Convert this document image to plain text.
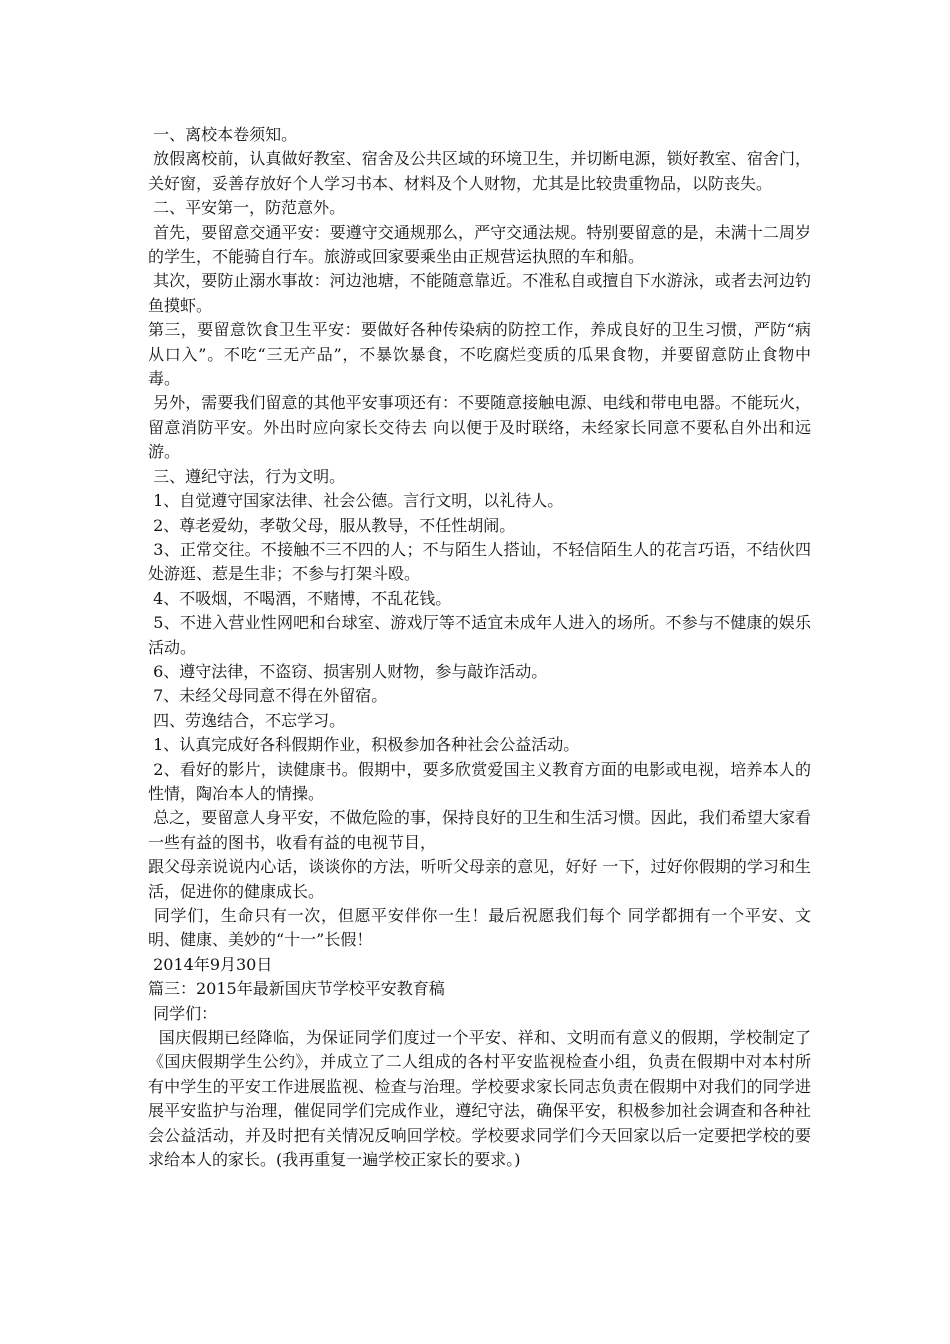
一、离校本卷须知。

放假离校前，认真做好教室、宿舍及公共区域的环境卫生，并切断电源，锁好教室、宿舍门，关好窗，妥善存放好个人学习书本、材料及个人财物，尤其是比较贵重物品，以防丧失。

二、平安第一，防范意外。

首先，要留意交通平安：要遵守交通规那么，严守交通法规。特别要留意的是，未满十二周岁的学生，不能骑自行车。旅游或回家要乘坐由正规营运执照的车和船。

其次，要防止溺水事故：河边池塘，不能随意靠近。不准私自或擅自下水游泳，或者去河边钓鱼摸虾。

第三，要留意饮食卫生平安：要做好各种传染病的防控工作，养成良好的卫生习惯，严防“病从口入”。不吃“三无产品”，不暴饮暴食，不吃腐烂变质的瓜果食物，并要留意防止食物中毒。

另外，需要我们留意的其他平安事项还有：不要随意接触电源、电线和带电电器。不能玩火，留意消防平安。外出时应向家长交待去 向以便于及时联络，未经家长同意不要私自外出和远游。

三、遵纪守法，行为文明。

1、自觉遵守国家法律、社会公德。言行文明，以礼待人。

2、尊老爱幼，孝敬父母，服从教导，不任性胡闹。

3、正常交往。不接触不三不四的人；不与陌生人搭讪，不轻信陌生人的花言巧语，不结伙四处游逛、惹是生非；不参与打架斗殴。

4、不吸烟，不喝酒，不赌博，不乱花钱。

5、不进入营业性网吧和台球室、游戏厅等不适宜未成年人进入的场所。不参与不健康的娱乐活动。

6、遵守法律，不盗窃、损害别人财物，参与敲诈活动。

7、未经父母同意不得在外留宿。

四、劳逸结合，不忘学习。

1、认真完成好各科假期作业，积极参加各种社会公益活动。

2、看好的影片，读健康书。假期中，要多欣赏爱国主义教育方面的电影或电视，培养本人的性情，陶冶本人的情操。

总之，要留意人身平安，不做危险的事，保持良好的卫生和生活习惯。因此，我们希望大家看一些有益的图书，收看有益的电视节目，

跟父母亲说说内心话，谈谈你的方法，听听父母亲的意见，好好 一下，过好你假期的学习和生活，促进你的健康成长。

同学们，生命只有一次，但愿平安伴你一生！最后祝愿我们每个 同学都拥有一个平安、文明、健康、美妙的“十一”长假！

2014年9月30日

篇三：2015年最新国庆节学校平安教育稿

同学们：

国庆假期已经降临，为保证同学们度过一个平安、祥和、文明而有意义的假期，学校制定了《国庆假期学生公约》，并成立了二人组成的各村平安监视检查小组，负责在假期中对本村所有中学生的平安工作进展监视、检查与治理。学校要求家长同志负责在假期中对我们的同学进展平安监护与治理，催促同学们完成作业，遵纪守法，确保平安，积极参加社会调查和各种社会公益活动，并及时把有关情况反响回学校。学校要求同学们今天回家以后一定要把学校的要求给本人的家长。(我再重复一遍学校正家长的要求。)
